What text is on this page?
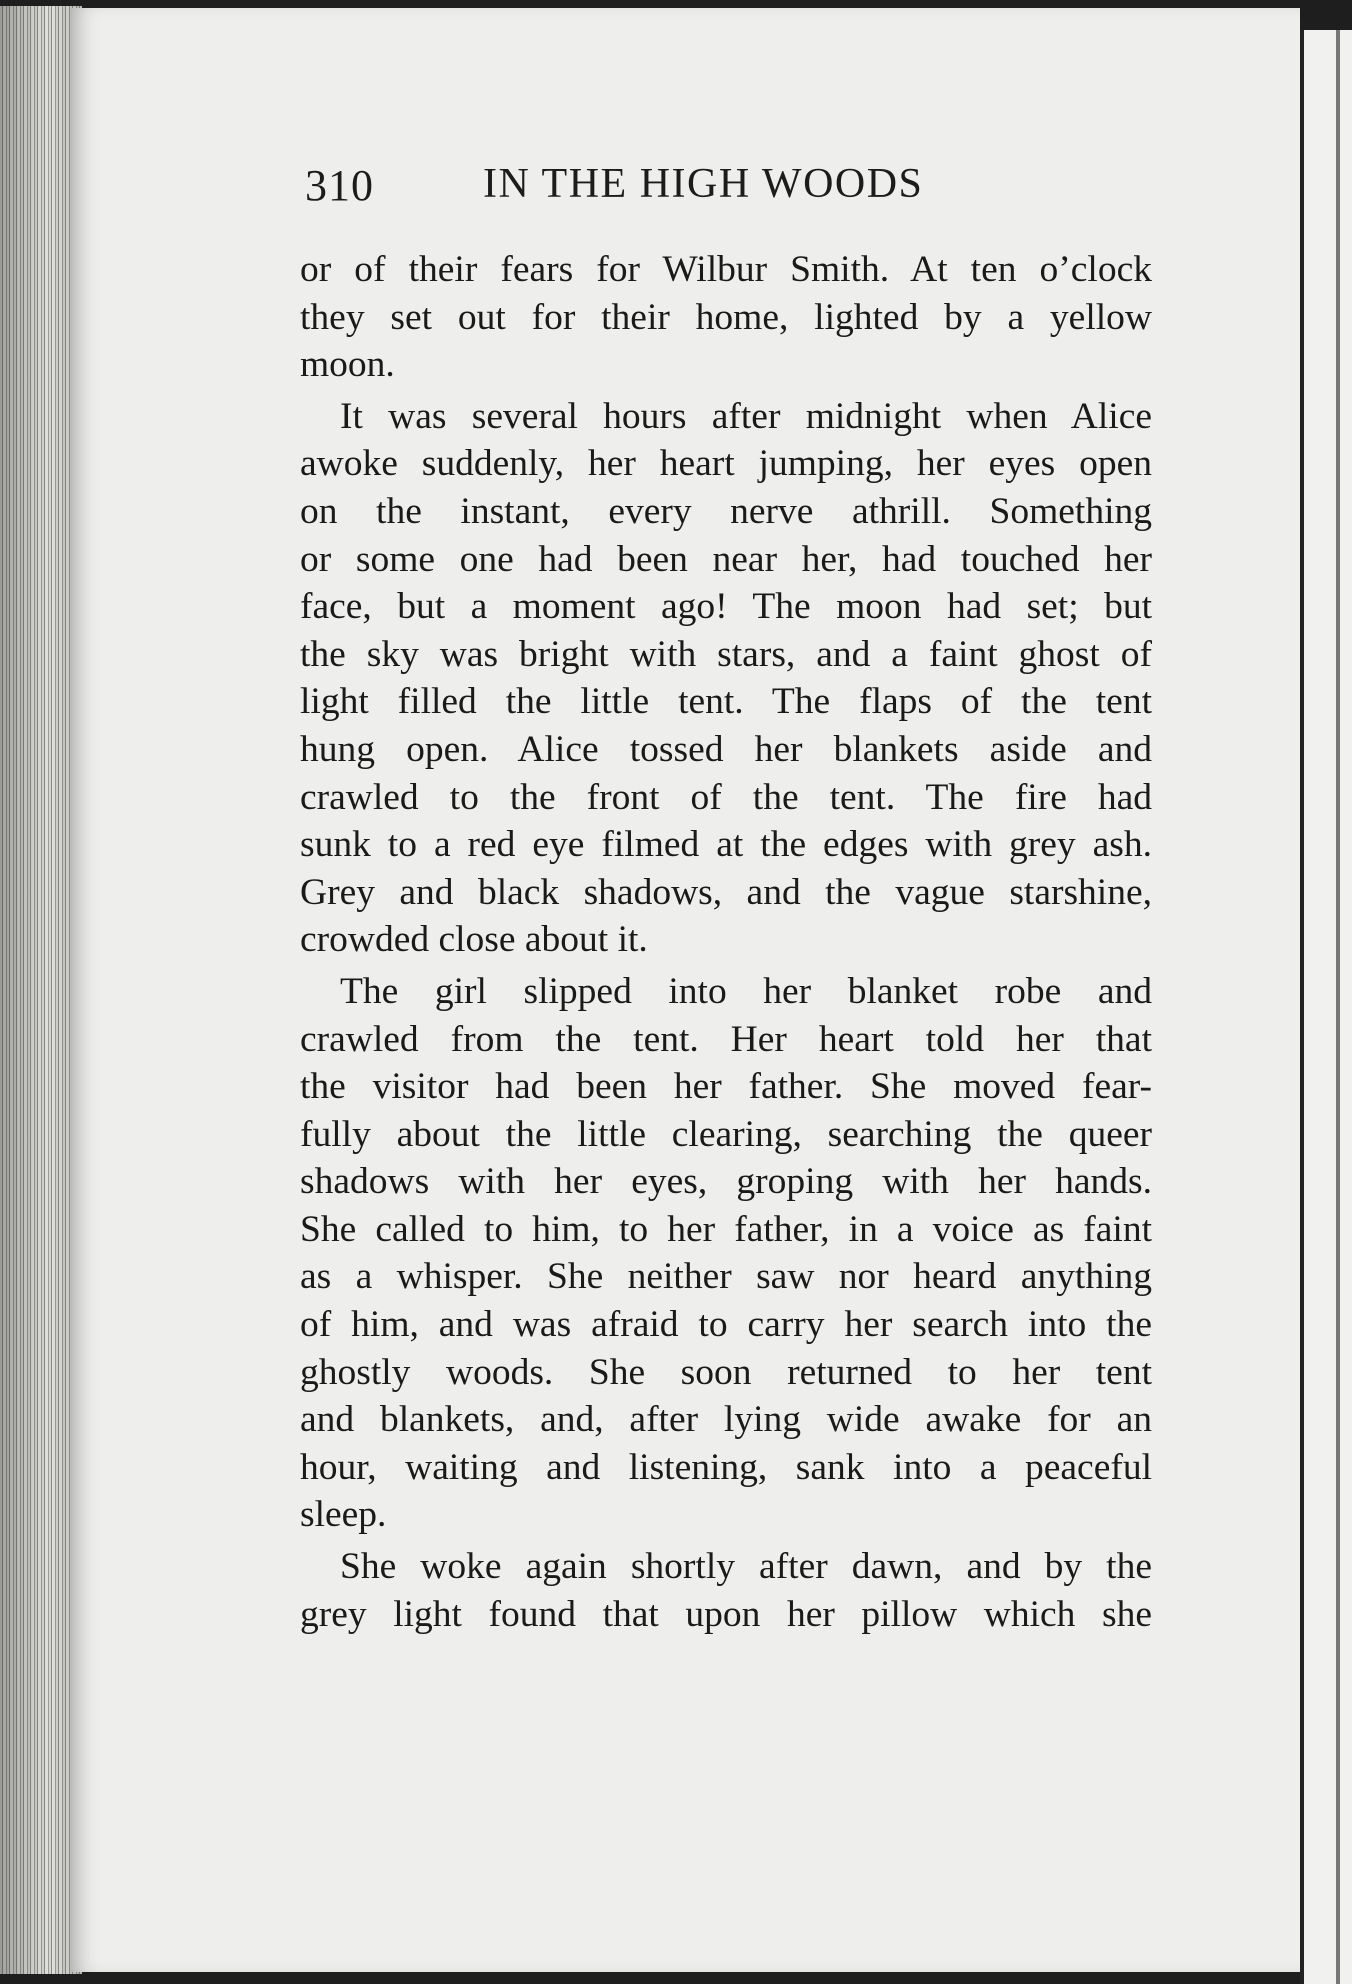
310	IN THE HIGH WOODS
or of their fears for Wilbur Smith. At ten o’clock
they set out for their home, lighted by a yellow
moon.
It was several hours after midnight when Alice
awoke suddenly, her heart jumping, her eyes open
on the instant, every nerve athrill. Something
or some one had been near her, had touched her
face, but a moment ago! The moon had set; but
the sky was bright with stars, and a faint ghost of
light filled the little tent. The flaps of the tent
hung open. Alice tossed her blankets aside and
crawled to the front of the tent. The fire had
sunk to a red eye filmed at the edges with grey ash.
Grey and black shadows, and the vague starshine,
crowded close about it.
The girl slipped into her blanket robe and
crawled from the tent. Her heart told her that
the visitor had been her father. She moved fear-
fully about the little clearing, searching the queer
shadows with her eyes, groping with her hands.
She called to him, to her father, in a voice as faint
as a whisper. She neither saw nor heard anything
of him, and was afraid to carry her search into the
ghostly woods. She soon returned to her tent
and blankets, and, after lying wide awake for an
hour, waiting and listening, sank into a peaceful
sleep.
She woke again shortly after dawn, and by the
grey light found that upon her pillow which she
